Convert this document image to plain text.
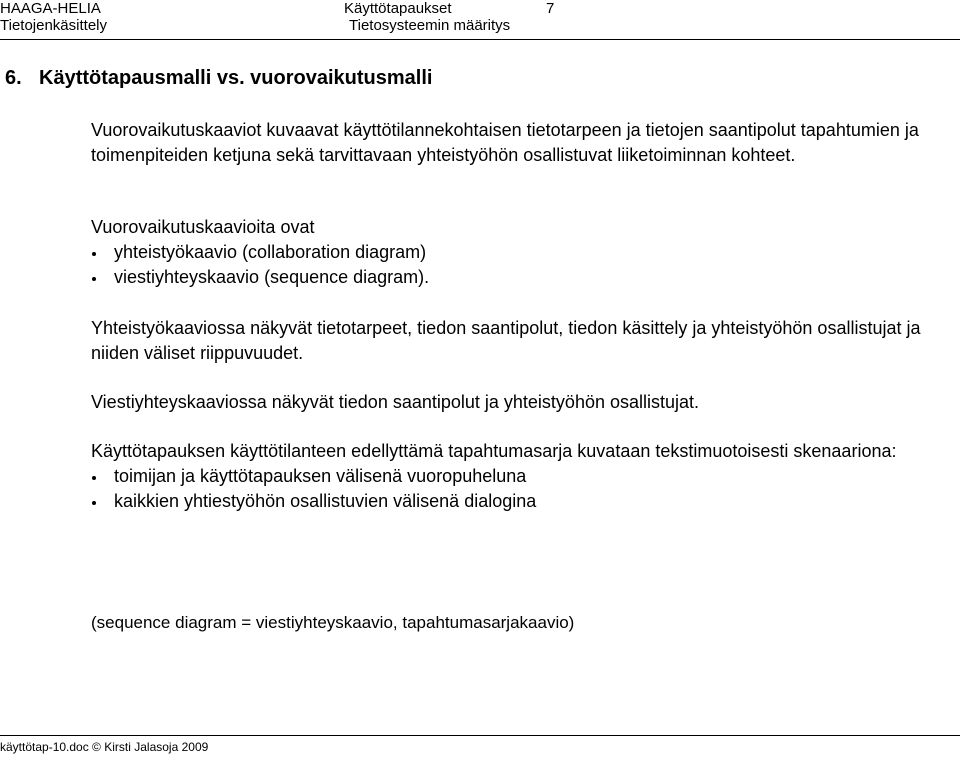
HAAGA-HELIA
Tietojenkäsittely
Käyttötapaukset
Tietosysteemin määritys
7
6. Käyttötapausmalli vs. vuorovaikutusmalli

Vuorovaikutuskaaviot kuvaavat käyttötilannekohtaisen tietotarpeen ja tietojen saantipolut tapahtumien ja toimenpiteiden ketjuna sekä tarvittavaan yhteistyöhön osallistuvat liiketoiminnan kohteet.

Vuorovaikutuskaavioita ovat

yhteistyökaavio (collaboration diagram)
viestiyhteyskaavio (sequence diagram).

Yhteistyökaaviossa näkyvät tietotarpeet, tiedon saantipolut, tiedon käsittely ja yhteistyöhön osallistujat ja niiden väliset riippuvuudet.

Viestiyhteyskaaviossa näkyvät tiedon saantipolut ja yhteistyöhön osallistujat.

Käyttötapauksen käyttötilanteen edellyttämä tapahtumasarja kuvataan tekstimuotoisesti skenaariona:

toimijan ja käyttötapauksen välisenä vuoropuheluna
kaikkien yhtiestyöhön osallistuvien välisenä dialogina

(sequence diagram = viestiyhteyskaavio, tapahtumasarjakaavio)

käyttötap-10.doc © Kirsti Jalasoja 2009
